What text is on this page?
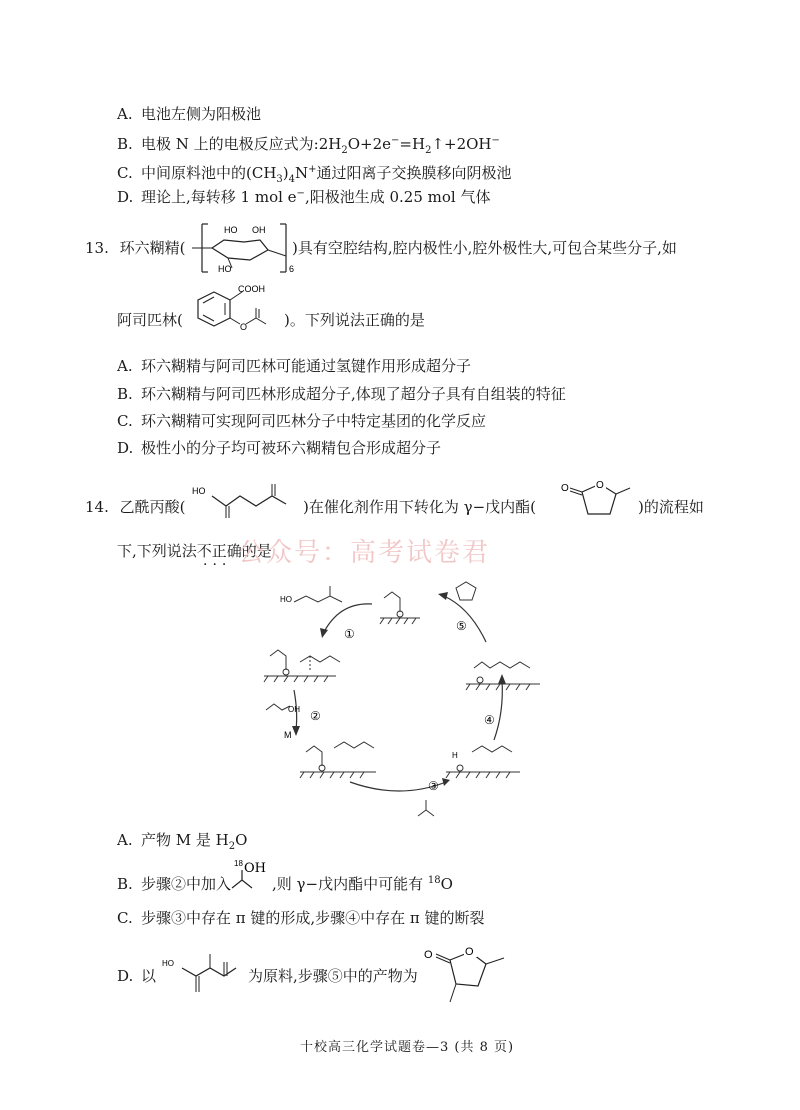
A. 电池左侧为阳极池
B. 电极 N 上的电极反应式为$:2H_2O+2e^-=H_2↑+2OH^-$
C. 中间原料池中的$(CH_3)_4N^+$通过阳离子交换膜移向阴极池
D. 理论上,每转移 1 mol e−,阳极池生成 0.25 mol 气体
13. 环六糊精(
HO OH
HO	6
)具有空腔结构,腔内极性小,腔外极性大,可包合某些分子,如
阿司匹林(
COOH
O )。下列说法正确的是
A. 环六糊精与阿司匹林可能通过氢键作用形成超分子
B. 环六糊精与阿司匹林形成超分子,体现了超分子具有自组装的特征
C. 环六糊精可实现阿司匹林分子中特定基团的化学反应
D. 极性小的分子均可被环六糊精包合形成超分子
14. 乙酰丙酸(
HO
)在催化剂作用下转化为 γ−戊内酯(
O
O
)的流程如
下,下列说法不正确的是
··· 公众号：高考试卷君
HO
OH
M
H
①
②
③
④
⑤
A. 产物 M 是 $H_2O$
B. 步骤②中加入
18 OH
,则 γ−戊内酯中可能有 $^{18}$O
C. 步骤③中存在 π 键的形成,步骤④中存在 π 键的断裂
D. 以
HO
为原料,步骤⑤中的产物为
O
O
十校高三化学试题卷—3 (共 8 页)
